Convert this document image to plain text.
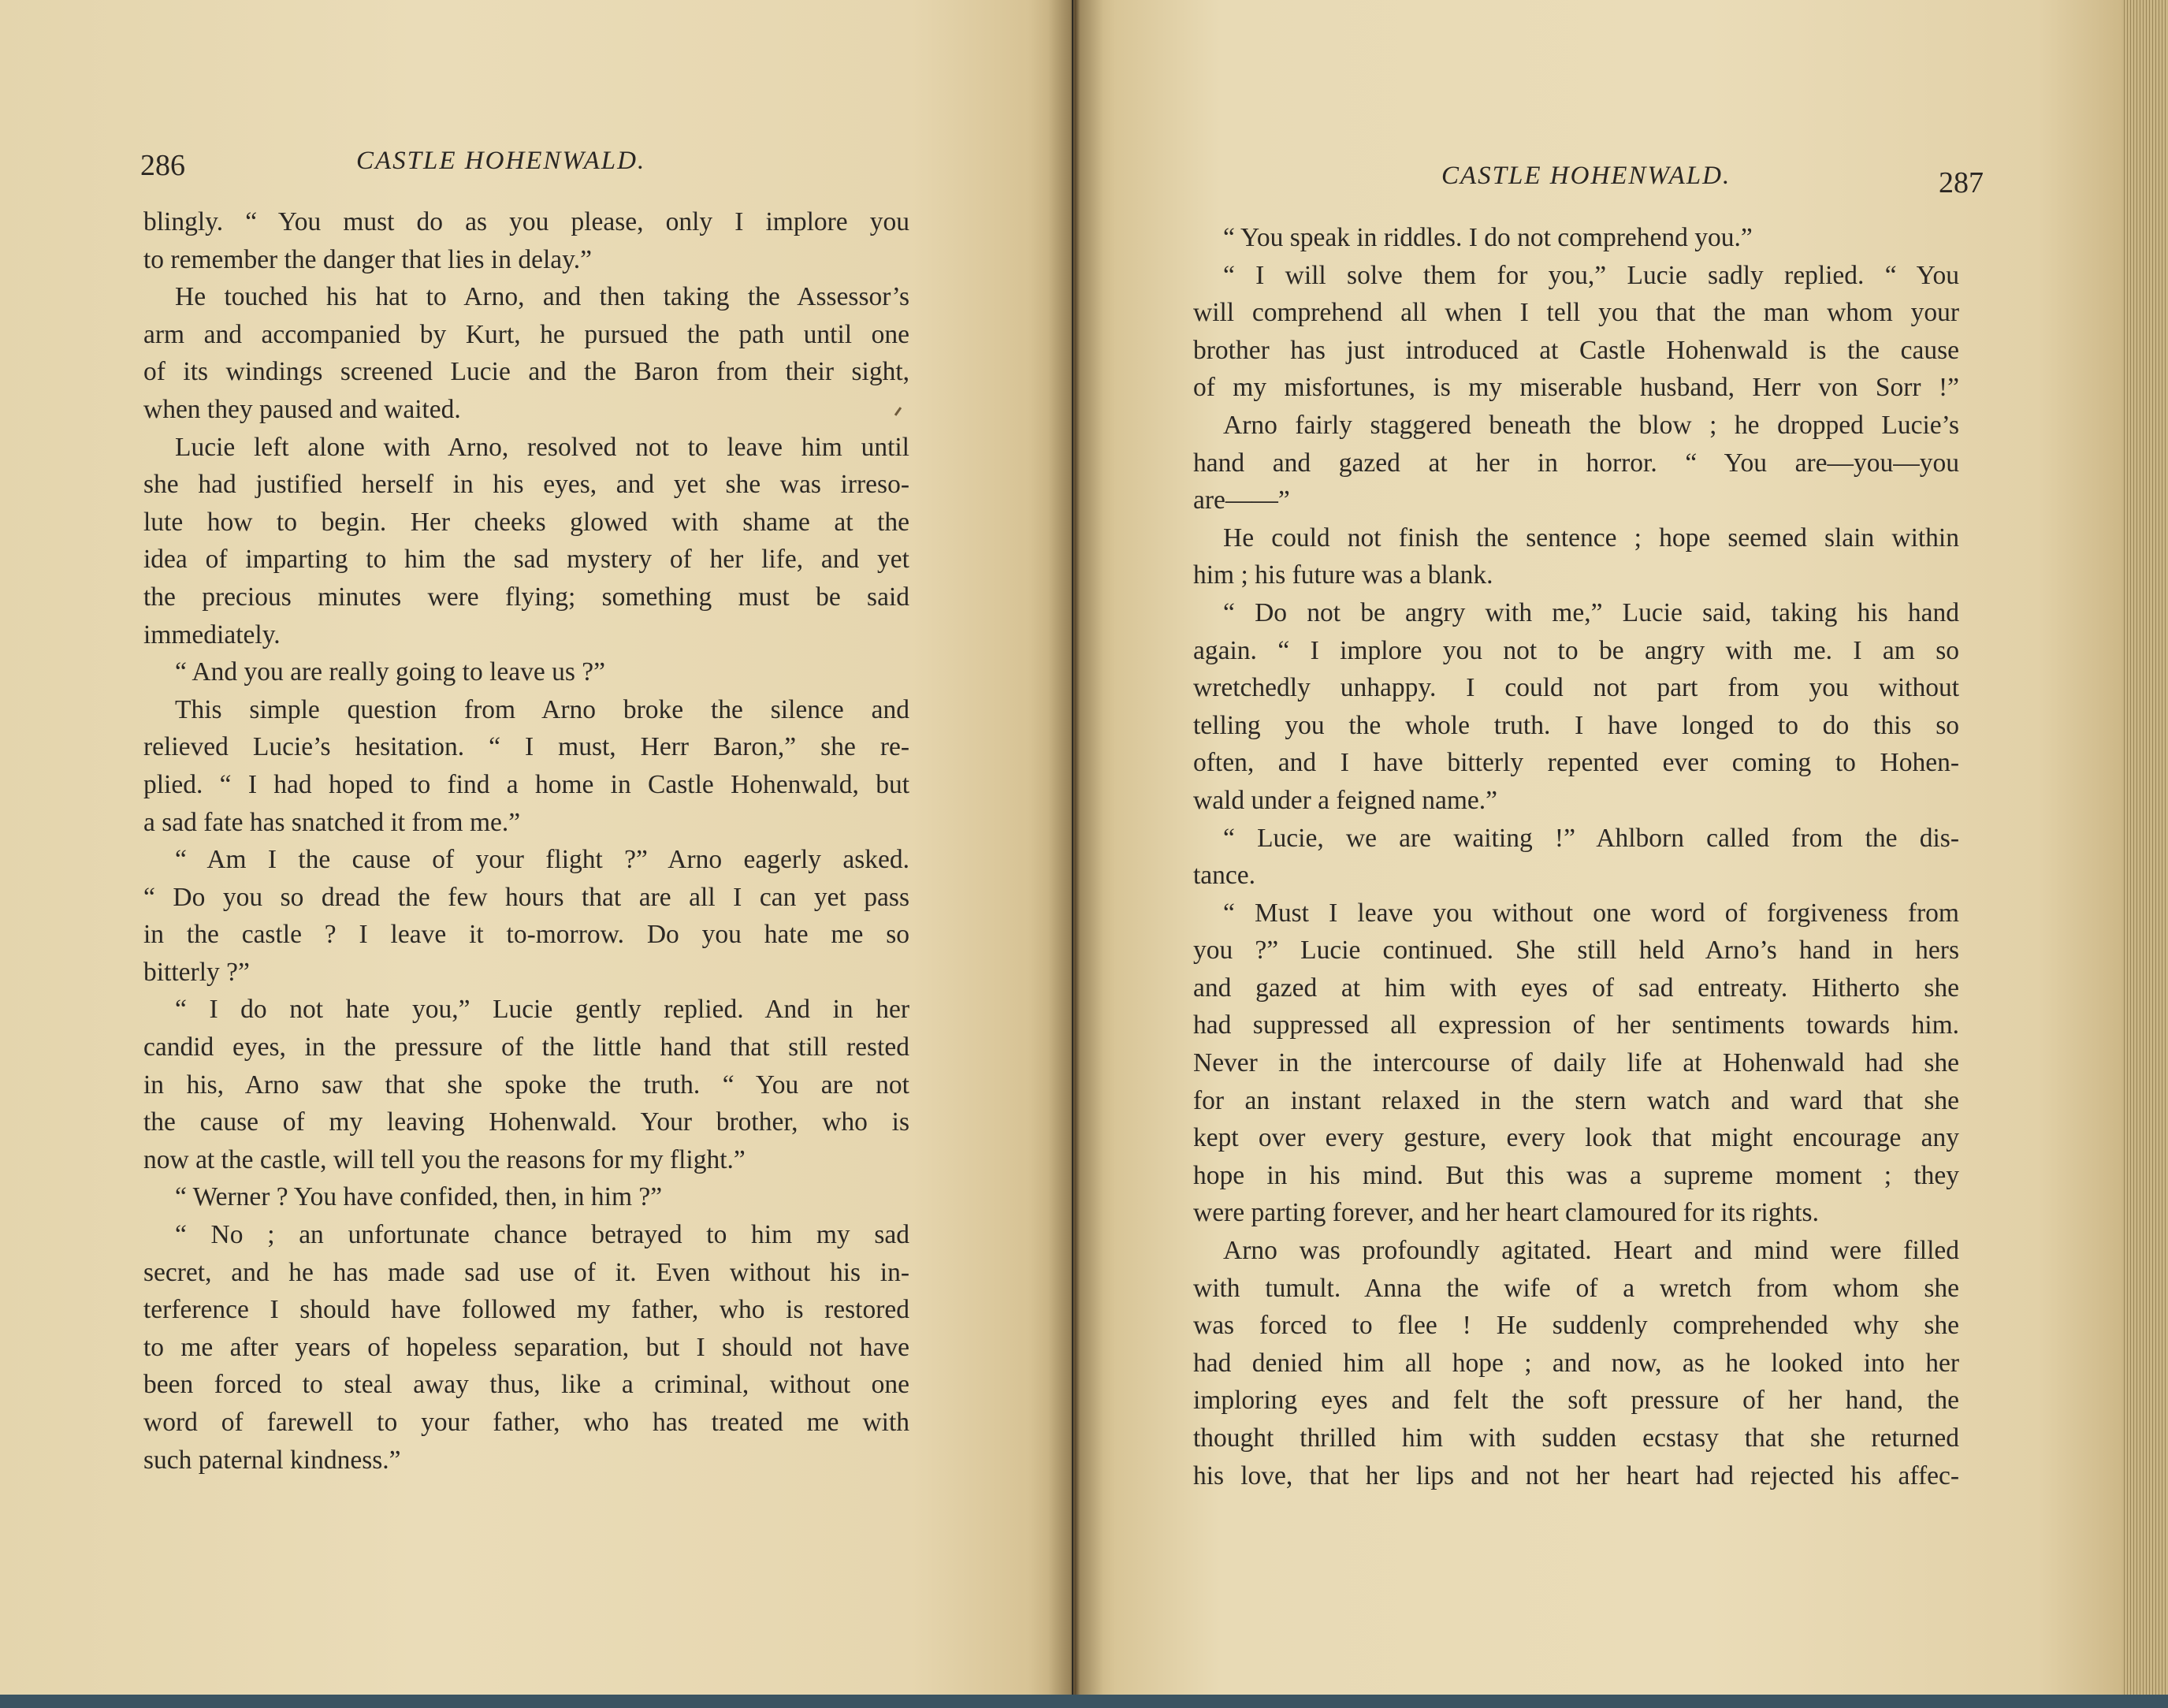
286	CASTLE HOHENWALD.
blingly. “ You must do as you please, only I implore you
to remember the danger that lies in delay.”
He touched his hat to Arno, and then taking the Assessor’s
arm and accompanied by Kurt, he pursued the path until one
of its windings screened Lucie and the Baron from their sight,
when they paused and waited.
Lucie left alone with Arno, resolved not to leave him until
she had justified herself in his eyes, and yet she was irreso-
lute how to begin. Her cheeks glowed with shame at the
idea of imparting to him the sad mystery of her life, and yet
the precious minutes were flying; something must be said
immediately.
“ And you are really going to leave us ?”
This simple question from Arno broke the silence and
relieved Lucie’s hesitation. “ I must, Herr Baron,” she re-
plied. “ I had hoped to find a home in Castle Hohenwald, but
a sad fate has snatched it from me.”
“ Am I the cause of your flight ?” Arno eagerly asked.
“ Do you so dread the few hours that are all I can yet pass
in the castle ? I leave it to-morrow. Do you hate me so
bitterly ?”
“ I do not hate you,” Lucie gently replied. And in her
candid eyes, in the pressure of the little hand that still rested
in his, Arno saw that she spoke the truth. “ You are not
the cause of my leaving Hohenwald. Your brother, who is
now at the castle, will tell you the reasons for my flight.”
“ Werner ? You have confided, then, in him ?”
“ No ; an unfortunate chance betrayed to him my sad
secret, and he has made sad use of it. Even without his in-
terference I should have followed my father, who is restored
to me after years of hopeless separation, but I should not have
been forced to steal away thus, like a criminal, without one
word of farewell to your father, who has treated me with
such paternal kindness.”
CASTLE HOHENWALD.	287
“ You speak in riddles. I do not comprehend you.”
“ I will solve them for you,” Lucie sadly replied. “ You
will comprehend all when I tell you that the man whom your
brother has just introduced at Castle Hohenwald is the cause
of my misfortunes, is my miserable husband, Herr von Sorr !”
Arno fairly staggered beneath the blow ; he dropped Lucie’s
hand and gazed at her in horror. “ You are—you—you
are——”
He could not finish the sentence ; hope seemed slain within
him ; his future was a blank.
“ Do not be angry with me,” Lucie said, taking his hand
again. “ I implore you not to be angry with me. I am so
wretchedly unhappy. I could not part from you without
telling you the whole truth. I have longed to do this so
often, and I have bitterly repented ever coming to Hohen-
wald under a feigned name.”
“ Lucie, we are waiting !” Ahlborn called from the dis-
tance.
“ Must I leave you without one word of forgiveness from
you ?” Lucie continued. She still held Arno’s hand in hers
and gazed at him with eyes of sad entreaty. Hitherto she
had suppressed all expression of her sentiments towards him.
Never in the intercourse of daily life at Hohenwald had she
for an instant relaxed in the stern watch and ward that she
kept over every gesture, every look that might encourage any
hope in his mind. But this was a supreme moment ; they
were parting forever, and her heart clamoured for its rights.
Arno was profoundly agitated. Heart and mind were filled
with tumult. Anna the wife of a wretch from whom she
was forced to flee ! He suddenly comprehended why she
had denied him all hope ; and now, as he looked into her
imploring eyes and felt the soft pressure of her hand, the
thought thrilled him with sudden ecstasy that she returned
his love, that her lips and not her heart had rejected his affec-
